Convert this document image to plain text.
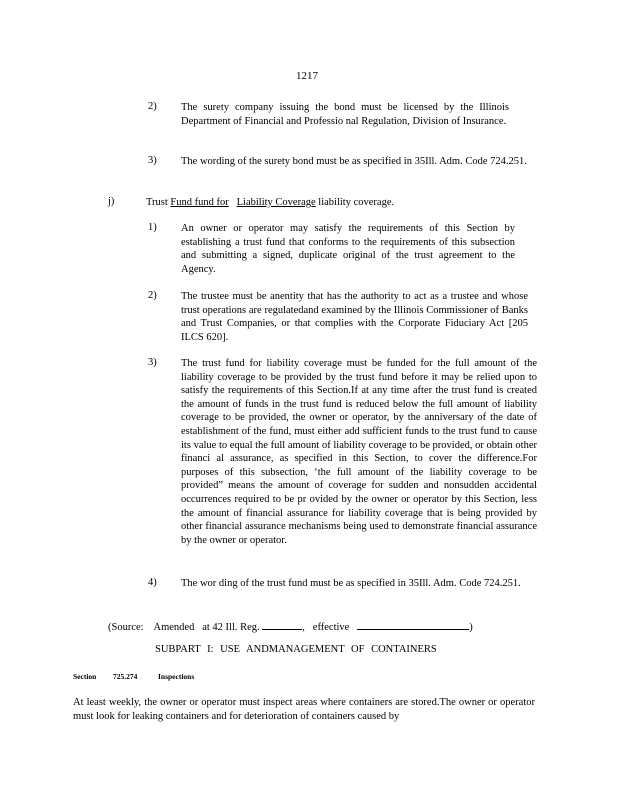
1217
2) The surety company issuing the bond must be licensed by the Illinois Department of Financial and Professio nal Regulation, Division of Insurance.
3) The wording of the surety bond must be as specified in 35Ill. Adm. Code 724.251.
j)	Trust Fund fund for Liability Coverage liability coverage.
1) An owner or operator may satisfy the requirements of this Section by establishing a trust fund that conforms to the requirements of this subsection and submitting a signed, duplicate original of the trust agreement to the Agency.
2) The trustee must be anentity that has the authority to act as a trustee and whose trust operations are regulatedand examined by the Illinois Commissioner of Banks and Trust Companies, or that complies with the Corporate Fiduciary Act [205 ILCS 620].
3) The trust fund for liability coverage must be funded for the full amount of the liability coverage to be provided by the trust fund before it may be relied upon to satisfy the requirements of this Section.If at any time after the trust fund is created the amount of funds in the trust fund is reduced below the full amount of liability coverage to be provided, the owner or operator, by the anniversary of the date of establishment of the fund, must either add sufficient funds to the trust fund to cause its value to equal the full amount of liability coverage to be provided, or obtain other financi al assurance, as specified in this Section, to cover the difference.For purposes of this subsection, ‘the full amount of the liability coverage to be provided” means the amount of coverage for sudden and nonsudden accidental occurrences required to be pr ovided by the owner or operator by this Section, less the amount of financial assurance for liability coverage that is being provided by other financial assurance mechanisms being used to demonstrate financial assurance by the owner or operator.
4) The wor ding of the trust fund must be as specified in 35Ill. Adm. Code 724.251.
(Source: Amended at 42 Ill. Reg.	, effective	)
SUBPART I: USE ANDMANAGEMENT OF CONTAINERS
Section 725.274	Inspections
At least weekly, the owner or operator must inspect areas where containers are stored.The owner or operator must look for leaking containers and for deterioration of containers caused by
